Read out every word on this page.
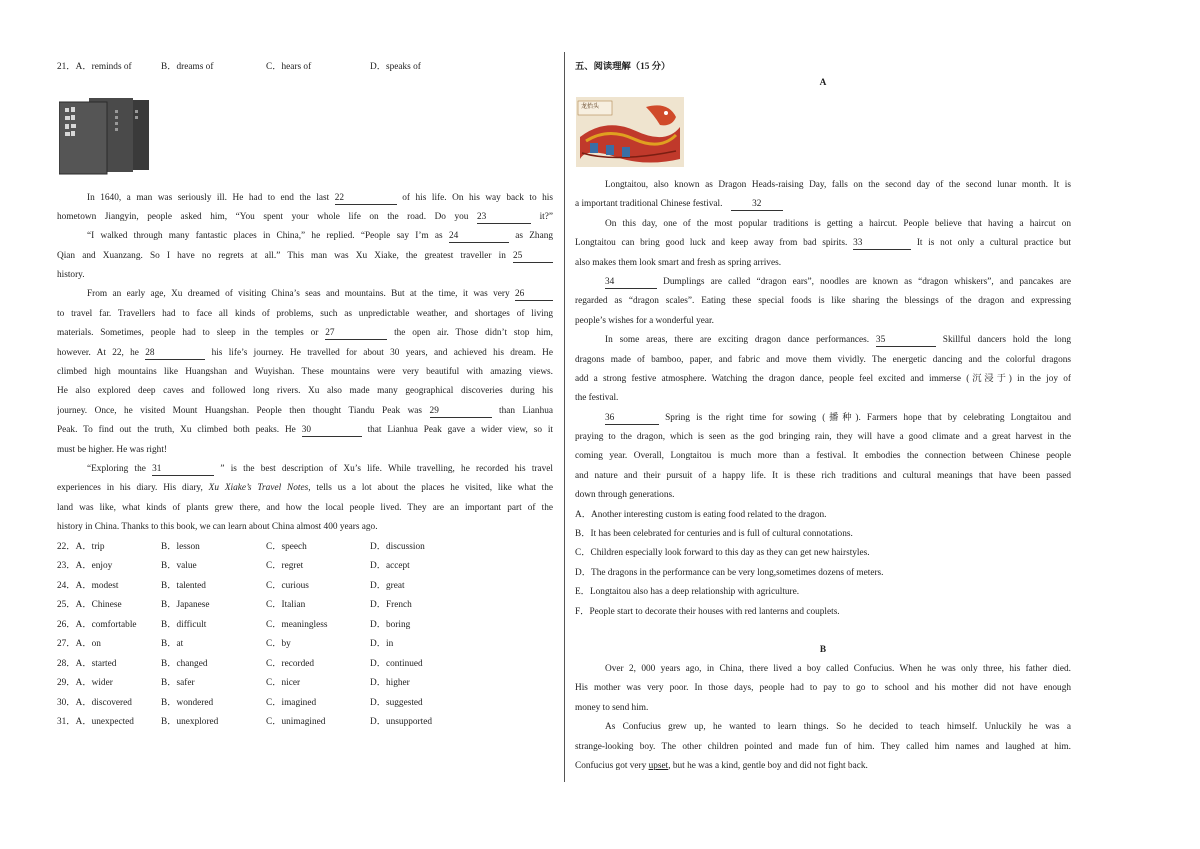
21．A．reminds of	B．dreams of	C．hears of	D．speaks of
In 1640, a man was seriously ill. He had to end the last 22	of his life. On his way back to his
hometown Jiangyin, people asked him, “You spent your whole life on the road. Do you 23	it?”
“I walked through many fantastic places in China,” he replied. “People say I’m as 24	as Zhang
Qian and Xuanzang. So I have no regrets at all.” This man was Xu Xiake, the greatest traveller in 25
history.
From an early age, Xu dreamed of visiting China’s seas and mountains. But at the time, it was very 26
to travel far. Travellers had to face all kinds of problems, such as unpredictable weather, and shortages of living
materials. Sometimes, people had to sleep in the temples or 27	the open air. Those didn’t stop him,
however. At 22, he 28	his life’s journey. He travelled for about 30 years, and achieved his dream. He
climbed high mountains like Huangshan and Wuyishan. These mountains were very beautiful with amazing views.
He also explored deep caves and followed long rivers. Xu also made many geographical discoveries during his
journey. Once, he visited Mount Huangshan. People then thought Tiandu Peak was 29	than Lianhua
Peak. To find out the truth, Xu climbed both peaks. He 30	that Lianhua Peak gave a wider view, so it
must be higher. He was right!
“Exploring the 31	” is the best description of Xu’s life. While travelling, he recorded his travel
experiences in his diary. His diary, Xu Xiake’s Travel Notes, tells us a lot about the places he visited, like what the
land was like, what kinds of plants grew there, and how the local people lived. They are an important part of the
history in China. Thanks to this book, we can learn about China almost 400 years ago.
22．A．trip	B．lesson	C．speech	D．discussion
23．A．enjoy	B．value	C．regret	D．accept
24．A．modest	B．talented	C．curious	D．great
25．A．Chinese	B．Japanese	C．Italian	D．French
26．A．comfortable	B．difficult	C．meaningless	D．boring
27．A．on	B．at	C．by	D．in
28．A．started	B．changed	C．recorded	D．continued
29．A．wider	B．safer	C．nicer	D．higher
30．A．discovered	B．wondered	C．imagined	D．suggested
31．A．unexpected	B．unexplored	C．unimagined	D．unsupported
五、阅读理解（15 分）
A
龙抬头
Longtaitou, also known as Dragon Heads-raising Day, falls on the second day of the second lunar month. It is
a important traditional Chinese festival.	32
On this day, one of the most popular traditions is getting a haircut. People believe that having a haircut on
Longtaitou can bring good luck and keep away from bad spirits. 33	It is not only a cultural practice but
also makes them look smart and fresh as spring arrives.
34	Dumplings are called “dragon ears”, noodles are known as “dragon whiskers”, and pancakes are
regarded as “dragon scales”. Eating these special foods is like sharing the blessings of the dragon and expressing
people’s wishes for a wonderful year.
In some areas, there are exciting dragon dance performances. 35	Skillful dancers hold the long
dragons made of bamboo, paper, and fabric and move them vividly. The energetic dancing and the colorful dragons
add a strong festive atmosphere. Watching the dragon dance, people feel excited and immerse (沉浸于) in the joy of
the festival.
36	Spring is the right time for sowing (播种). Farmers hope that by celebrating Longtaitou and
praying to the dragon, which is seen as the god bringing rain, they will have a good climate and a great harvest in the
coming year. Overall, Longtaitou is much more than a festival. It embodies the connection between Chinese people
and nature and their pursuit of a happy life. It is these rich traditions and cultural meanings that have been passed
down through generations.
A．Another interesting custom is eating food related to the dragon.
B．It has been celebrated for centuries and is full of cultural connotations.
C．Children especially look forward to this day as they can get new hairstyles.
D．The dragons in the performance can be very long,sometimes dozens of meters.
E．Longtaitou also has a deep relationship with agriculture.
F．People start to decorate their houses with red lanterns and couplets.
B
Over 2, 000 years ago, in China, there lived a boy called Confucius. When he was only three, his father died.
His mother was very poor. In those days, people had to pay to go to school and his mother did not have enough
money to send him.
As Confucius grew up, he wanted to learn things. So he decided to teach himself. Unluckily he was a
strange-looking boy. The other children pointed and made fun of him. They called him names and laughed at him.
Confucius got very upset, but he was a kind, gentle boy and did not fight back.
